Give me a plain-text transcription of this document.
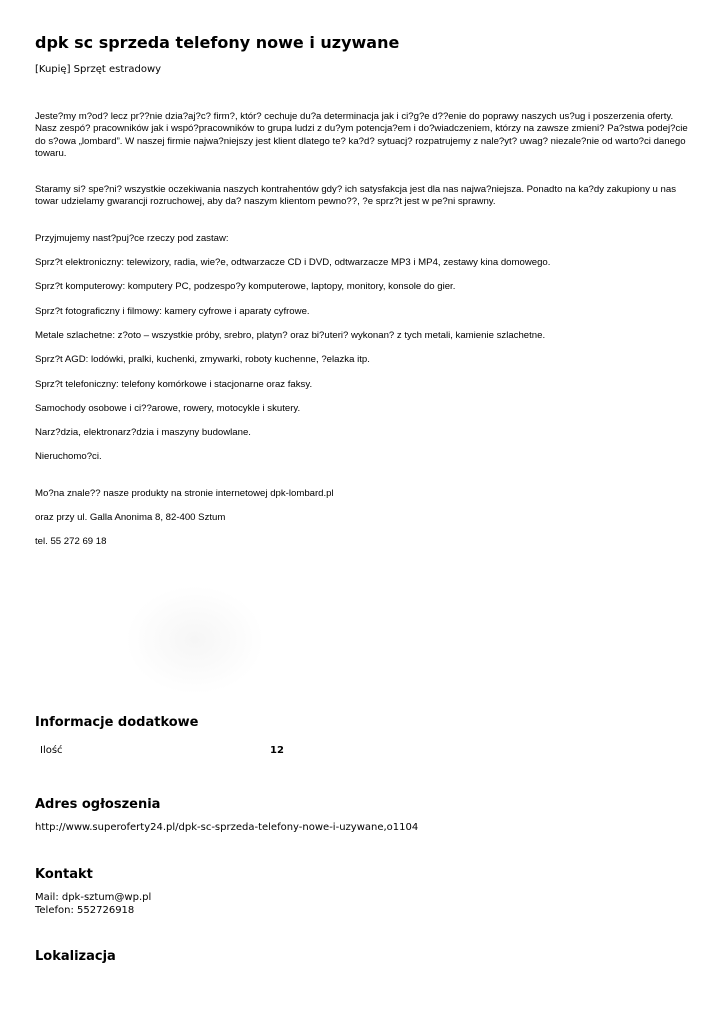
dpk sc sprzeda telefony nowe i uzywane
[Kupię] Sprzęt estradowy

Jeste?my m?od? lecz pr??nie dzia?aj?c? firm?, któr? cechuje du?a determinacja jak i ci?g?e d??enie do poprawy naszych us?ug i poszerzenia oferty. Nasz zespó? pracowników jak i wspó?pracowników to grupa ludzi z du?ym potencja?em i do?wiadczeniem, którzy na zawsze zmieni? Pa?stwa podej?cie do s?owa „lombard”. W naszej firmie najwa?niejszy jest klient dlatego te? ka?d? sytuacj? rozpatrujemy z nale?yt? uwag? niezale?nie od warto?ci danego towaru.

Staramy si? spe?ni? wszystkie oczekiwania naszych kontrahentów gdy? ich satysfakcja jest dla nas najwa?niejsza. Ponadto na ka?dy zakupiony u nas towar udzielamy gwarancji rozruchowej, aby da? naszym klientom pewno??, ?e sprz?t jest w pe?ni sprawny.

Przyjmujemy nast?puj?ce rzeczy pod zastaw:

Sprz?t elektroniczny: telewizory, radia, wie?e, odtwarzacze CD i DVD, odtwarzacze MP3 i MP4, zestawy kina domowego.

Sprz?t komputerowy: komputery PC, podzespo?y komputerowe, laptopy, monitory, konsole do gier.

Sprz?t fotograficzny i filmowy: kamery cyfrowe i aparaty cyfrowe.

Metale szlachetne: z?oto – wszystkie próby, srebro, platyn? oraz bi?uteri? wykonan? z tych metali, kamienie szlachetne.

Sprz?t AGD: lodówki, pralki, kuchenki, zmywarki, roboty kuchenne, ?elazka itp.

Sprz?t telefoniczny: telefony komórkowe i stacjonarne oraz faksy.

Samochody osobowe i ci??arowe, rowery, motocykle i skutery.

Narz?dzia, elektronarz?dzia i maszyny budowlane.

Nieruchomo?ci.

Mo?na znale?? nasze produkty na stronie internetowej dpk-lombard.pl

oraz przy ul. Galla Anonima 8, 82-400 Sztum

tel. 55 272 69 18

Informacje dodatkowe
Ilość	12
Adres ogłoszenia
http://www.superoferty24.pl/dpk-sc-sprzeda-telefony-nowe-i-uzywane,o1104
Kontakt
Mail: dpk-sztum@wp.pl
Telefon: 552726918
Lokalizacja
